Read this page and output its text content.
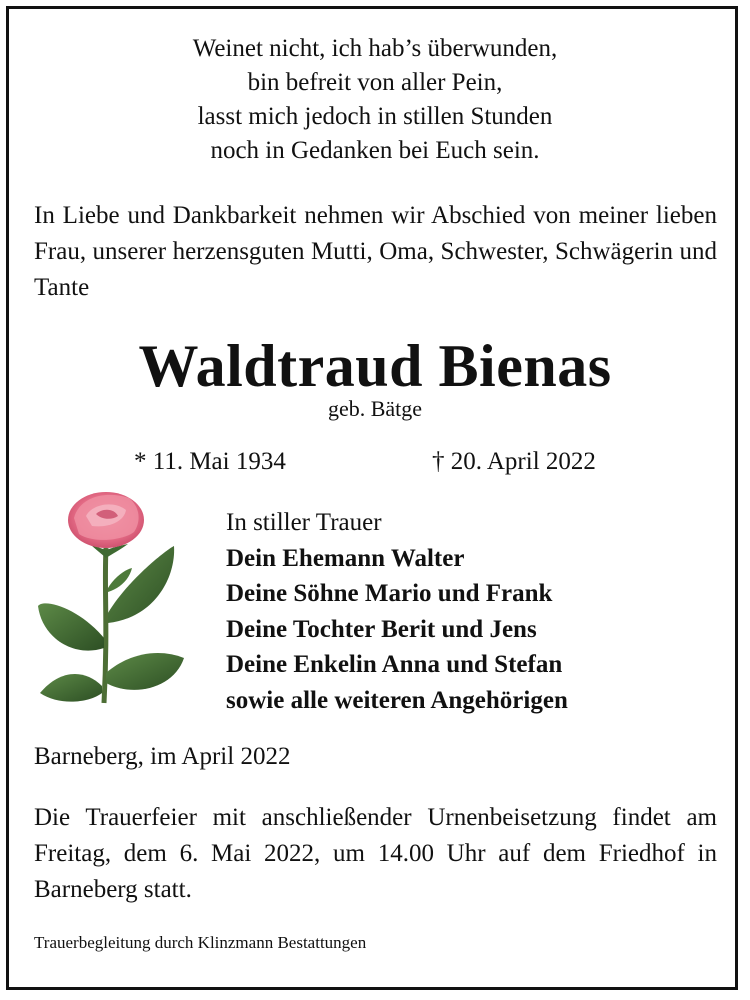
Weinet nicht, ich hab’s überwunden,
bin befreit von aller Pein,
lasst mich jedoch in stillen Stunden
noch in Gedanken bei Euch sein.
In Liebe und Dankbarkeit nehmen wir Abschied von meiner lieben Frau, unserer herzensguten Mutti, Oma, Schwester, Schwägerin und Tante
Waldtraud Bienas
geb. Bätge
* 11. Mai 1934	† 20. April 2022
In stiller Trauer
Dein Ehemann Walter
Deine Söhne Mario und Frank
Deine Tochter Berit und Jens
Deine Enkelin Anna und Stefan
sowie alle weiteren Angehörigen
Barneberg, im April 2022
Die Trauerfeier mit anschließender Urnenbeisetzung findet am Freitag, dem 6. Mai 2022, um 14.00 Uhr auf dem Friedhof in Barneberg statt.
Trauerbegleitung durch Klinzmann Bestattungen
